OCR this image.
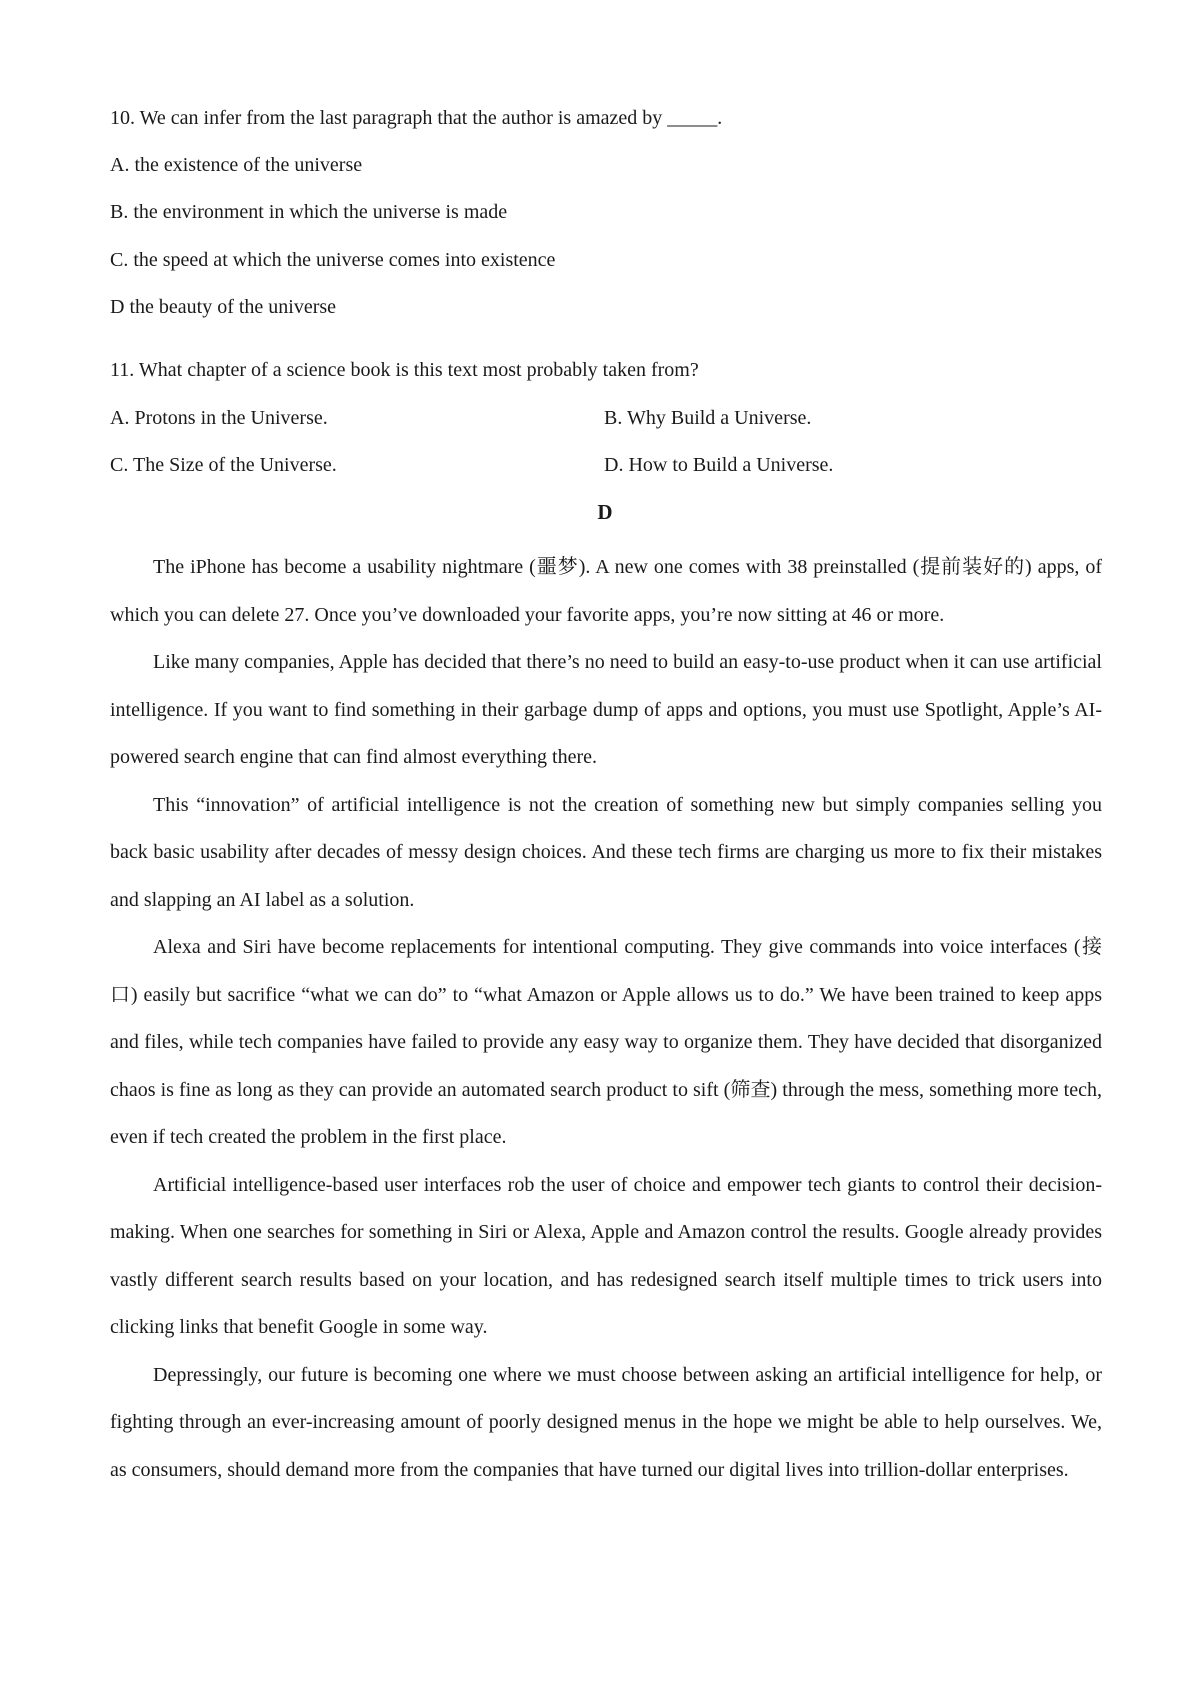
10. We can infer from the last paragraph that the author is amazed by _____.
A. the existence of the universe
B. the environment in which the universe is made
C. the speed at which the universe comes into existence
D the beauty of the universe
11. What chapter of a science book is this text most probably taken from?
A. Protons in the Universe.	B. Why Build a Universe.
C. The Size of the Universe.	D. How to Build a Universe.
D

The iPhone has become a usability nightmare (噩梦). A new one comes with 38 preinstalled (提前装好的) apps, of which you can delete 27. Once you’ve downloaded your favorite apps, you’re now sitting at 46 or more.

Like many companies, Apple has decided that there’s no need to build an easy-to-use product when it can use artificial intelligence. If you want to find something in their garbage dump of apps and options, you must use Spotlight, Apple’s AI-powered search engine that can find almost everything there.

This “innovation” of artificial intelligence is not the creation of something new but simply companies selling you back basic usability after decades of messy design choices. And these tech firms are charging us more to fix their mistakes and slapping an AI label as a solution.

Alexa and Siri have become replacements for intentional computing. They give commands into voice interfaces (接口) easily but sacrifice “what we can do” to “what Amazon or Apple allows us to do.” We have been trained to keep apps and files, while tech companies have failed to provide any easy way to organize them. They have decided that disorganized chaos is fine as long as they can provide an automated search product to sift (筛查) through the mess, something more tech, even if tech created the problem in the first place.

Artificial intelligence-based user interfaces rob the user of choice and empower tech giants to control their decision-making. When one searches for something in Siri or Alexa, Apple and Amazon control the results. Google already provides vastly different search results based on your location, and has redesigned search itself multiple times to trick users into clicking links that benefit Google in some way.

Depressingly, our future is becoming one where we must choose between asking an artificial intelligence for help, or fighting through an ever-increasing amount of poorly designed menus in the hope we might be able to help ourselves. We, as consumers, should demand more from the companies that have turned our digital lives into trillion-dollar enterprises.
